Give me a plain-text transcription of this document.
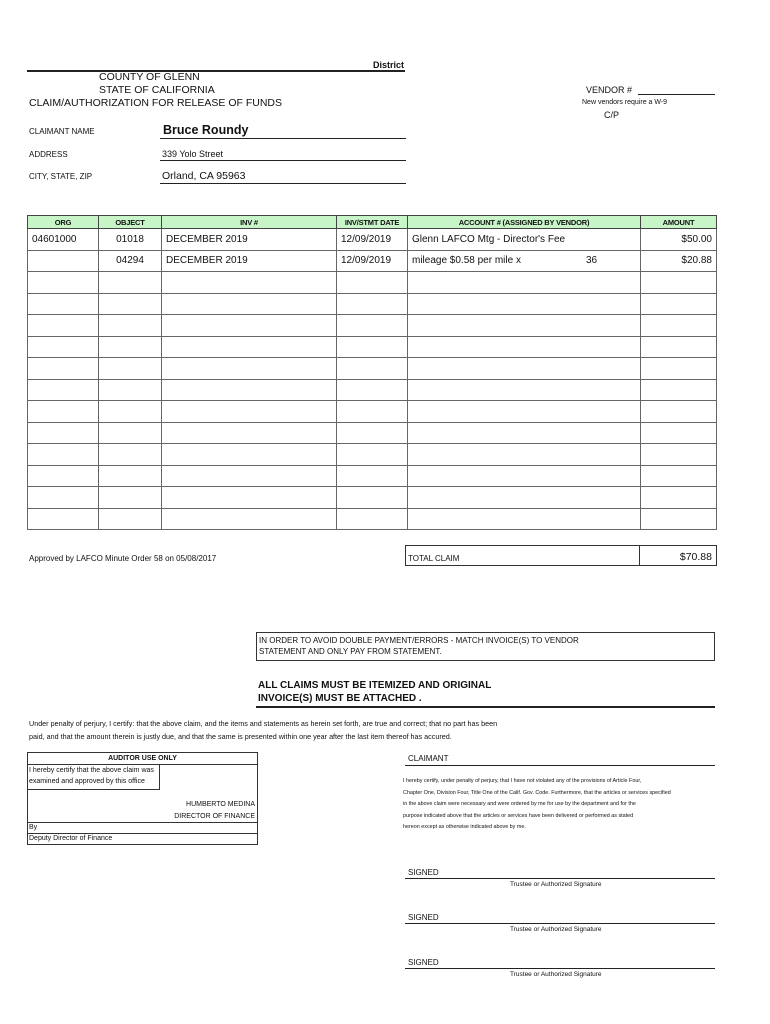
District
COUNTY OF GLENN
STATE OF CALIFORNIA
CLAIM/AUTHORIZATION FOR RELEASE OF FUNDS
VENDOR #
New vendors require a W-9
C/P
CLAIMANT NAME	Bruce Roundy
ADDRESS	339 Yolo Street
CITY, STATE, ZIP	Orland, CA 95963
ORG	OBJECT	INV #	INV/STMT DATE	ACCOUNT # (ASSIGNED BY VENDOR)	AMOUNT
04601000	01018	DECEMBER 2019	12/09/2019	Glenn LAFCO Mtg - Director's Fee	$50.00
	04294	DECEMBER 2019	12/09/2019	mileage $0.58 per mile x 36	$20.88

Approved by LAFCO Minute Order 58 on 05/08/2017	TOTAL CLAIM	$70.88
IN ORDER TO AVOID DOUBLE PAYMENT/ERRORS - MATCH INVOICE(S) TO VENDOR
STATEMENT AND ONLY PAY FROM STATEMENT.
ALL CLAIMS MUST BE ITEMIZED AND ORIGINAL
INVOICE(S) MUST BE ATTACHED .
Under penalty of perjury, I certify: that the above claim, and the items and statements as herein set forth, are true and correct; that no part has been
paid, and that the amount therein is justly due, and that the same is presented within one year after the last item thereof has accured.
AUDITOR USE ONLY
I hereby certify that the above claim was
examined and approved by this office
HUMBERTO MEDINA
DIRECTOR OF FINANCE
By
Deputy Director of Finance
CLAIMANT
I hereby certify, under penalty of perjury, that I have not violated any of the provisions of Article Four,
Chapter One, Division Four, Title One of the Calif. Gov. Code. Furthermore, that the articles or services specified
in the above claim were necessary and were ordered by me for use by the department and for the
purpose indicated above that the articles or services have been delivered or performed as stated
hereon except as otherwise indicated above by me.
SIGNED
Trustee or Authorized Signature
SIGNED
Trustee or Authorized Signature
SIGNED
Trustee or Authorized Signature
